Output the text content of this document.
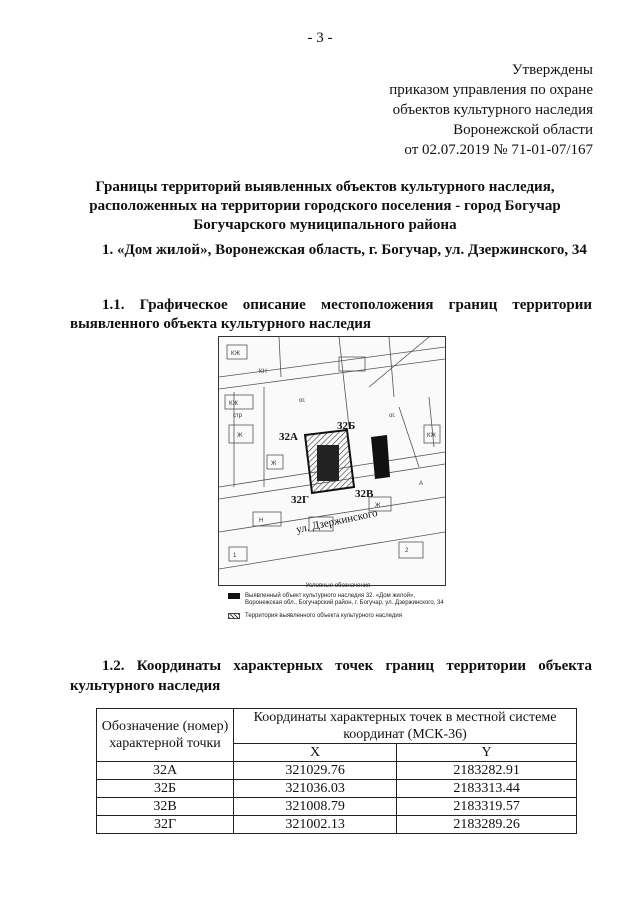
- 3 -
Утверждены
приказом управления по охране
объектов культурного наследия
Воронежской области
от 02.07.2019 № 71-01-07/167
Границы территорий выявленных объектов культурного наследия, расположенных на территории городского поселения - город Богучар Богучарского муниципального района
1. «Дом жилой», Воронежская область, г. Богучар, ул. Дзержинского, 34
1.1. Графическое описание местоположения границ территории выявленного объекта культурного наследия
32А
32Б
32В
32Г
ул. Дзержинского
КЖ
КН
ог.
КЖ
стр
Ж
Ж
ог.
КЖ
А
Н
Ж
2
1
Условные обозначения
Выявленный объект культурного наследия 32. «Дом жилой», Воронежская обл., Богучарский район, г. Богучар, ул. Дзержинского, 34
Территория выявленного объекта культурного наследия
1.2. Координаты характерных точек границ территории объекта культурного наследия
Обозначение (номер) характерной точки	Координаты характерных точек в местной системе координат (МСК-36)	
	X	Y
32А	321029.76	2183282.91
32Б	321036.03	2183313.44
32В	321008.79	2183319.57
32Г	321002.13	2183289.26
